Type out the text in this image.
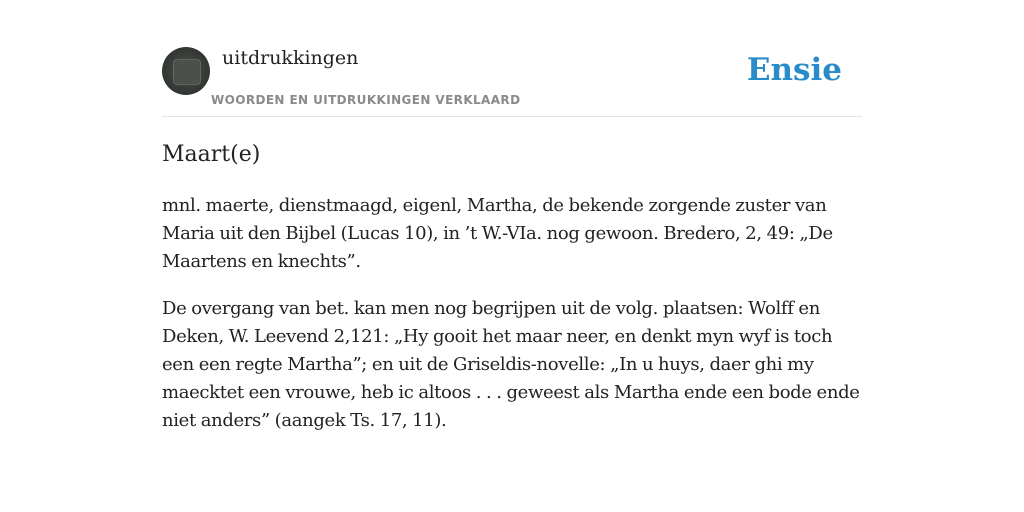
uitdrukkingen
WOORDEN EN UITDRUKKINGEN VERKLAARD
Ensie
Maart(e)

mnl. maerte, dienstmaagd, eigenl, Martha, de bekende zorgende zuster van Maria uit den Bijbel (Lucas 10), in ’t W.-VIa. nog gewoon. Bredero, 2, 49: „De Maartens en knechts”.

De overgang van bet. kan men nog begrijpen uit de volg. plaatsen: Wolff en Deken, W. Leevend 2,121: „Hy gooit het maar neer, en denkt myn wyf is toch een een regte Martha”; en uit de Griseldis-novelle: „In u huys, daer ghi my maecktet een vrouwe, heb ic altoos . . . geweest als Martha ende een bode ende niet anders” (aangek Ts. 17, 11).
